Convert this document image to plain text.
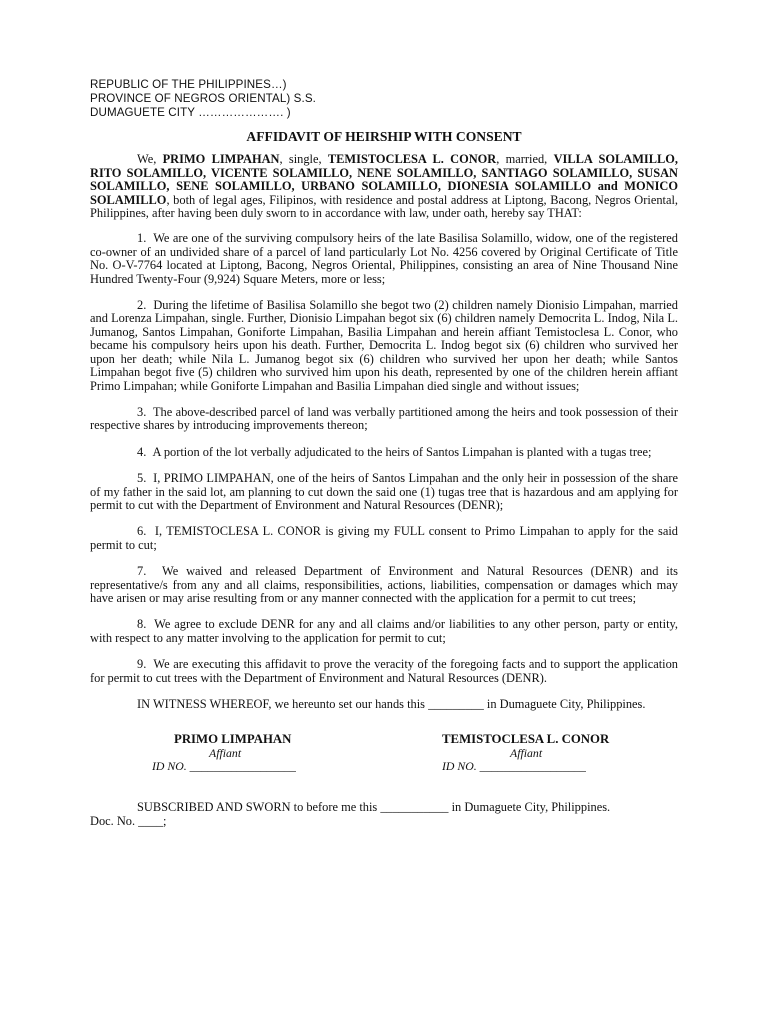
REPUBLIC OF THE PHILIPPINES…)
PROVINCE OF NEGROS ORIENTAL) S.S.
DUMAGUETE CITY …………………. )
AFFIDAVIT OF HEIRSHIP WITH CONSENT

We, PRIMO LIMPAHAN, single, TEMISTOCLESA L. CONOR, married, VILLA SOLAMILLO, RITO SOLAMILLO, VICENTE SOLAMILLO, NENE SOLAMILLO, SANTIAGO SOLAMILLO, SUSAN SOLAMILLO, SENE SOLAMILLO, URBANO SOLAMILLO, DIONESIA SOLAMILLO and MONICO SOLAMILLO, both of legal ages, Filipinos, with residence and postal address at Liptong, Bacong, Negros Oriental, Philippines, after having been duly sworn to in accordance with law, under oath, hereby say THAT:

1.  We are one of the surviving compulsory heirs of the late Basilisa Solamillo, widow, one of the registered co-owner of an undivided share of a parcel of land particularly Lot No. 4256 covered by Original Certificate of Title No. O-V-7764 located at Liptong, Bacong, Negros Oriental, Philippines, consisting an area of Nine Thousand Nine Hundred Twenty-Four (9,924) Square Meters, more or less;

2.  During the lifetime of Basilisa Solamillo she begot two (2) children namely Dionisio Limpahan, married and Lorenza Limpahan, single. Further, Dionisio Limpahan begot six (6) children namely Democrita L. Indog, Nila L. Jumanog, Santos Limpahan, Goniforte Limpahan, Basilia Limpahan and herein affiant Temistoclesa L. Conor, who became his compulsory heirs upon his death. Further, Democrita L. Indog begot six (6) children who survived her upon her death; while Nila L. Jumanog begot six (6) children who survived her upon her death; while Santos Limpahan begot five (5) children who survived him upon his death, represented by one of the children herein affiant Primo Limpahan; while Goniforte Limpahan and Basilia Limpahan died single and without issues;

3.  The above-described parcel of land was verbally partitioned among the heirs and took possession of their respective shares by introducing improvements thereon;

4.  A portion of the lot verbally adjudicated to the heirs of Santos Limpahan is planted with a tugas tree;

5.  I, PRIMO LIMPAHAN, one of the heirs of Santos Limpahan and the only heir in possession of the share of my father in the said lot, am planning to cut down the said one (1) tugas tree that is hazardous and am applying for permit to cut with the Department of Environment and Natural Resources (DENR);

6.  I, TEMISTOCLESA L. CONOR is giving my FULL consent to Primo Limpahan to apply for the said permit to cut;

7.  We waived and released Department of Environment and Natural Resources (DENR) and its representative/s from any and all claims, responsibilities, actions, liabilities, compensation or damages which may have arisen or may arise resulting from or any manner connected with the application for a permit to cut trees;

8.  We agree to exclude DENR for any and all claims and/or liabilities to any other person, party or entity, with respect to any matter involving to the application for permit to cut;

9.  We are executing this affidavit to prove the veracity of the foregoing facts and to support the application for permit to cut trees with the Department of Environment and Natural Resources (DENR).

IN WITNESS WHEREOF, we hereunto set our hands this _________ in Dumaguete City, Philippines.

PRIMO LIMPAHAN
Affiant
ID NO. __________________
TEMISTOCLESA L. CONOR
Affiant
ID NO. __________________

SUBSCRIBED AND SWORN to before me this ___________ in Dumaguete City, Philippines.

Doc. No. ____;
